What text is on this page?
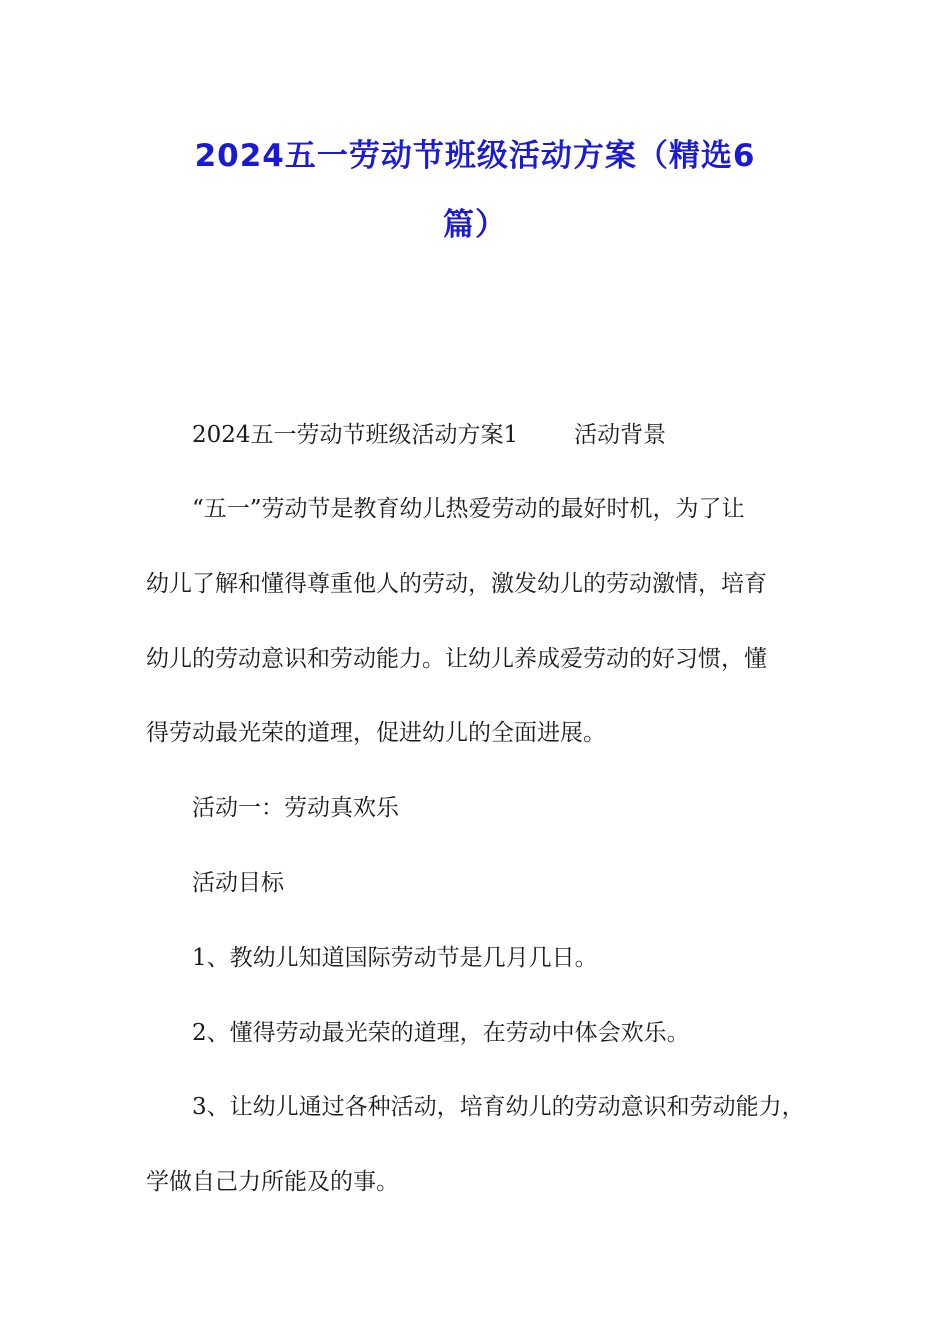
2024五一劳动节班级活动方案（精选6
篇）
2024五一劳动节班级活动方案1 活动背景
“五一”劳动节是教育幼儿热爱劳动的最好时机，为了让
幼儿了解和懂得尊重他人的劳动，激发幼儿的劳动激情，培育
幼儿的劳动意识和劳动能力。让幼儿养成爱劳动的好习惯，懂
得劳动最光荣的道理，促进幼儿的全面进展。
活动一：劳动真欢乐
活动目标
1、教幼儿知道国际劳动节是几月几日。
2、懂得劳动最光荣的道理，在劳动中体会欢乐。
3、让幼儿通过各种活动，培育幼儿的劳动意识和劳动能力，
学做自己力所能及的事。
